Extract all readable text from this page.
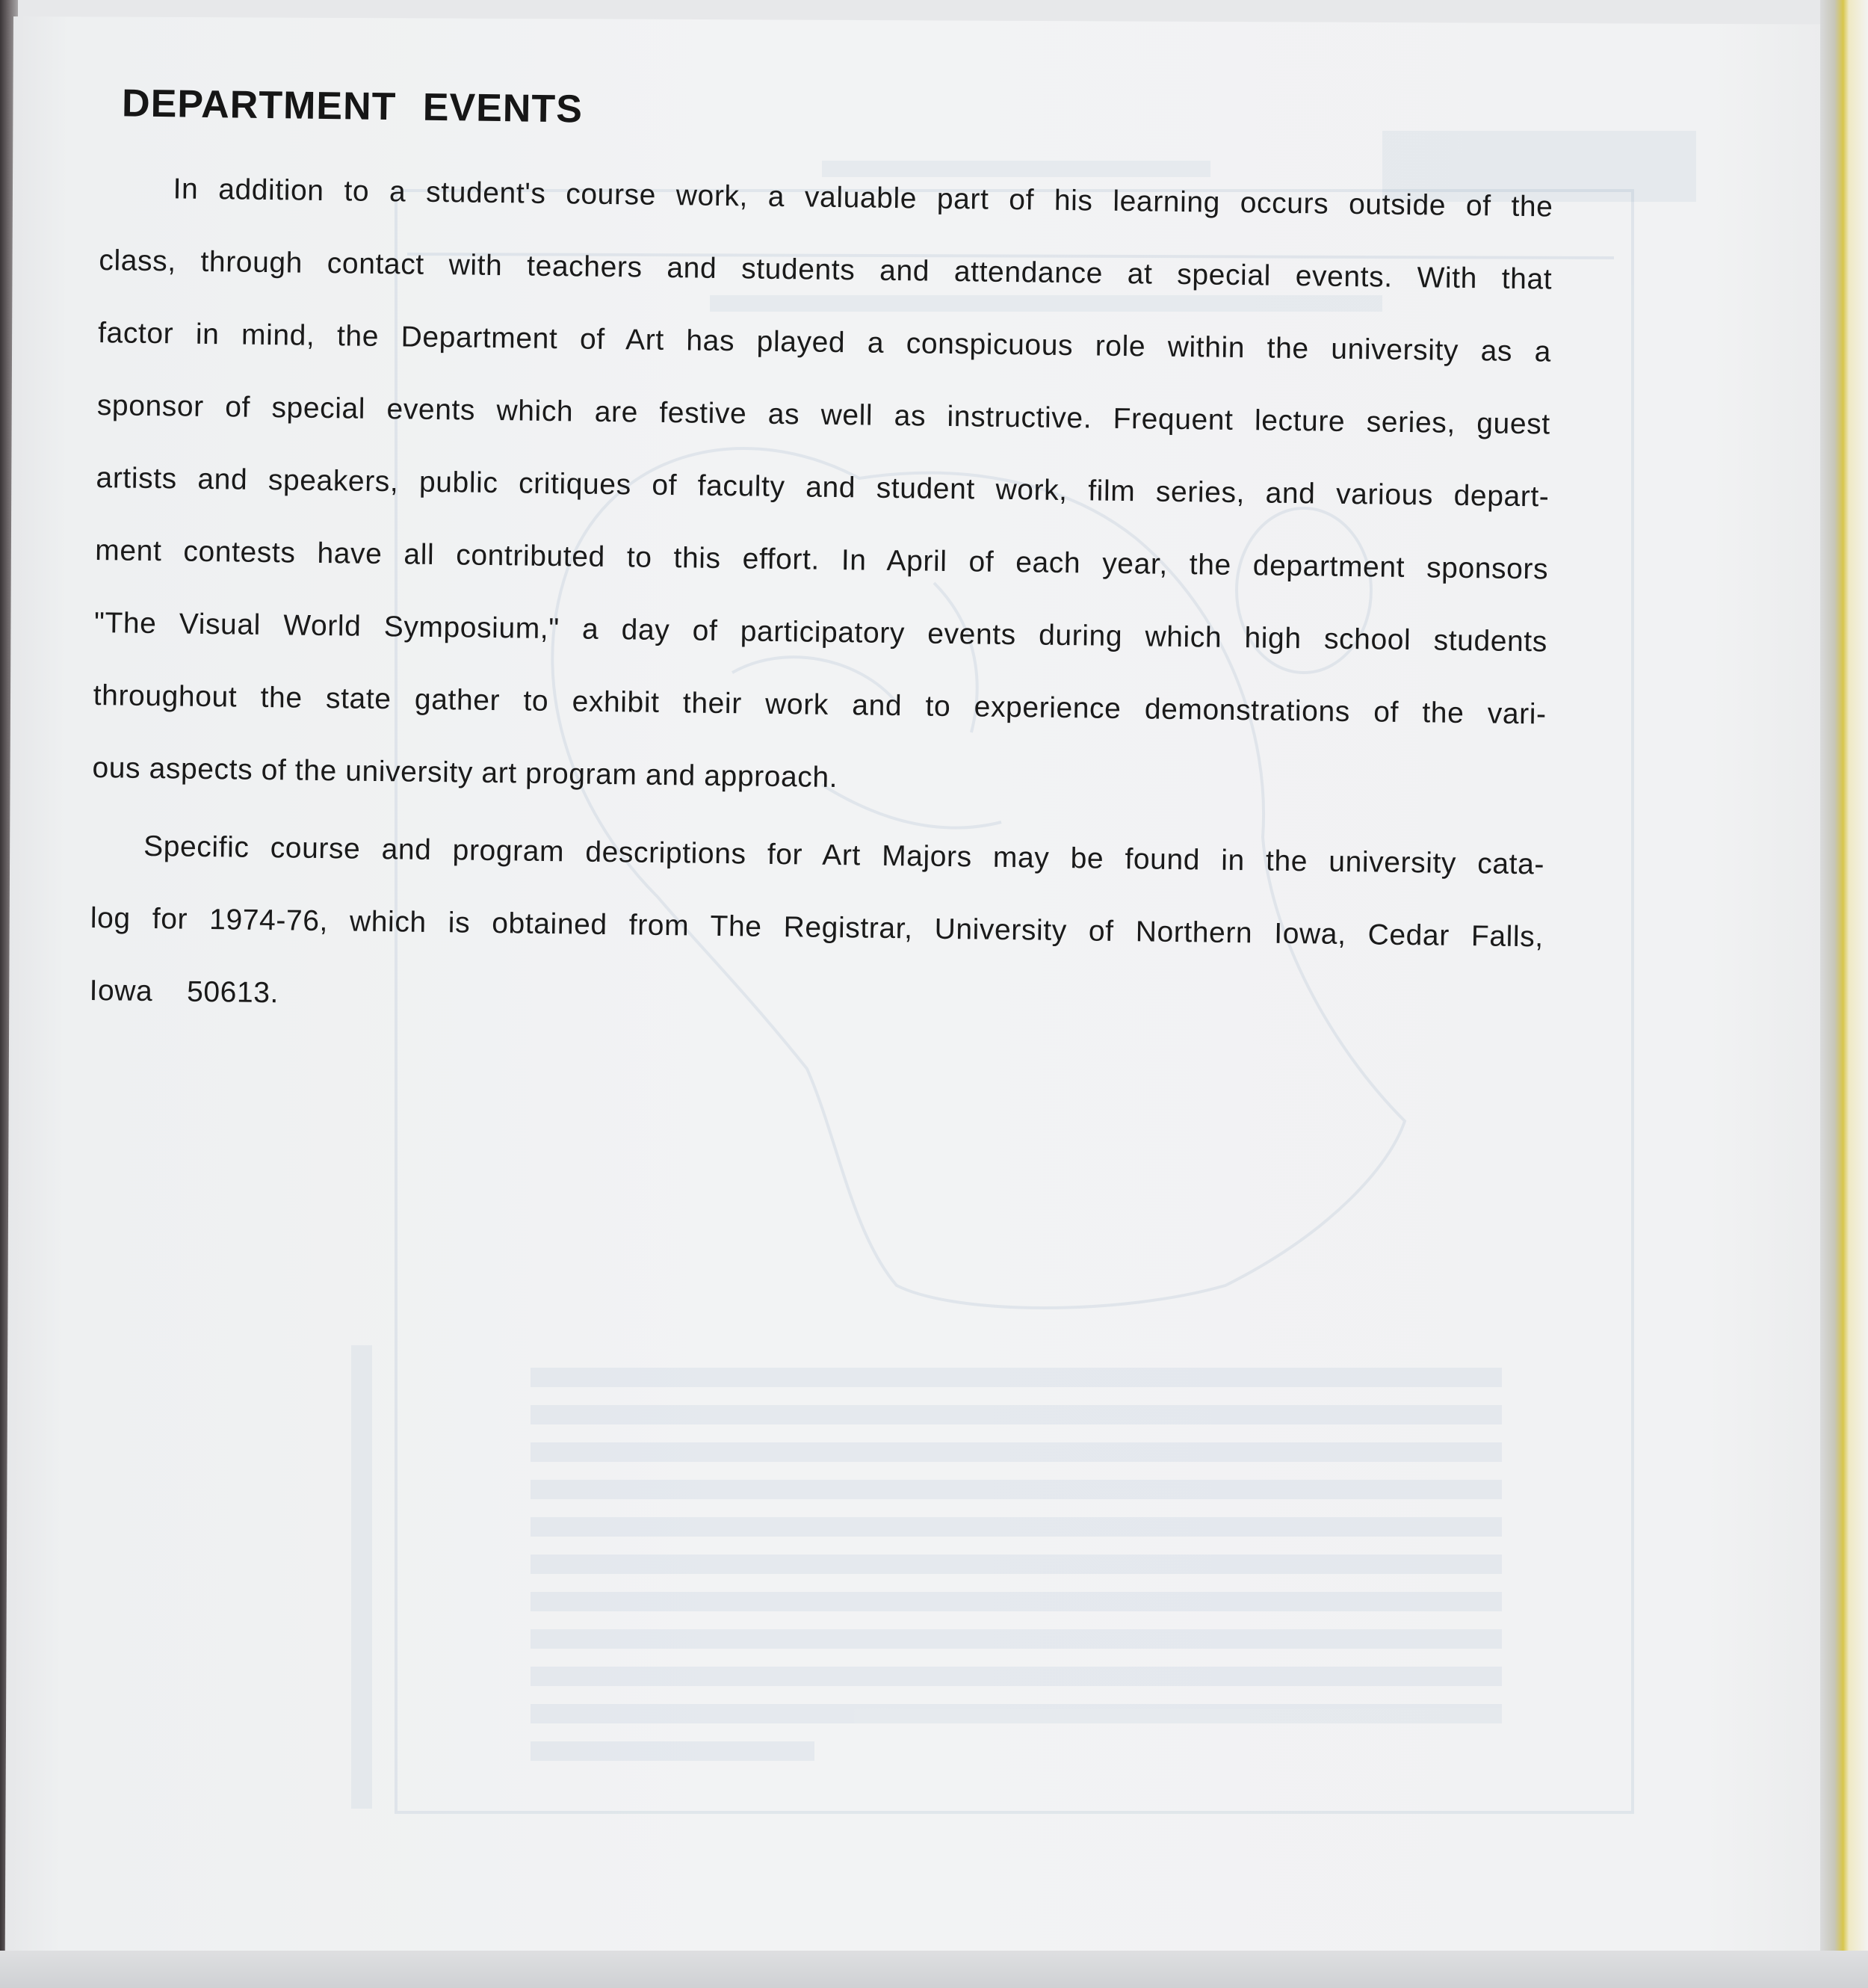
DEPARTMENT EVENTS
In addition to a student's course work, a valuable part of his learning occurs outside of the
class, through contact with teachers and students and attendance at special events. With that
factor in mind, the Department of Art has played a conspicuous role within the university as a
sponsor of special events which are festive as well as instructive. Frequent lecture series, guest
artists and speakers, public critiques of faculty and student work, film series, and various depart-
ment contests have all contributed to this effort. In April of each year, the department sponsors
"The Visual World Symposium," a day of participatory events during which high school students
throughout the state gather to exhibit their work and to experience demonstrations of the vari-
ous aspects of the university art program and approach.
Specific course and program descriptions for Art Majors may be found in the university cata-
log for 1974-76, which is obtained from The Registrar, University of Northern Iowa, Cedar Falls,
Iowa    50613.
